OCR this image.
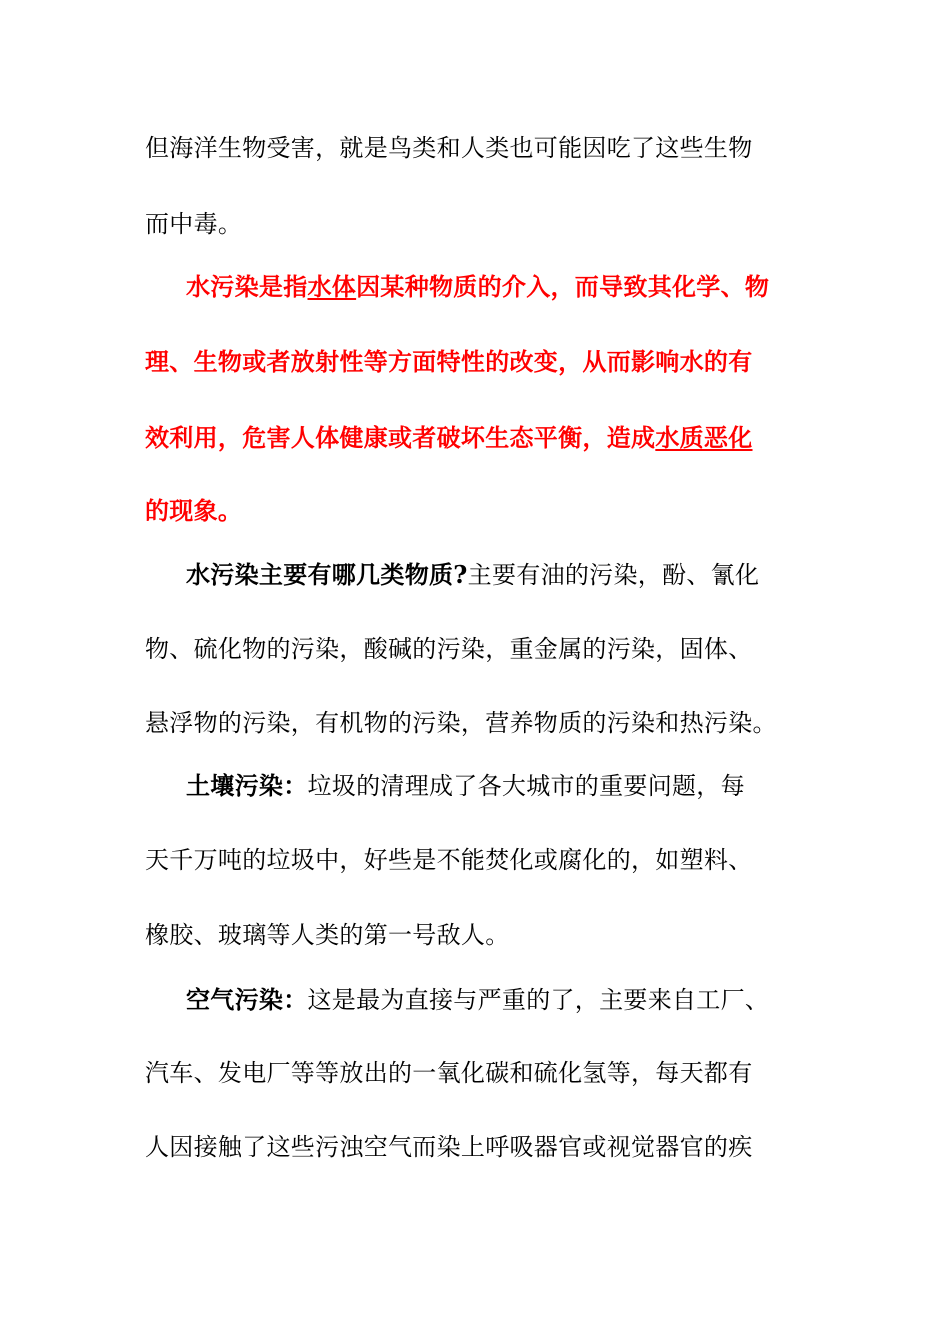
但海洋生物受害，就是鸟类和人类也可能因吃了这些生物
而中毒。
水污染是指水体因某种物质的介入，而导致其化学、物
理、生物或者放射性等方面特性的改变，从而影响水的有
效利用，危害人体健康或者破坏生态平衡，造成水质恶化
的现象。
水污染主要有哪几类物质?主要有油的污染，酚、氰化
物、硫化物的污染，酸碱的污染，重金属的污染，固体、
悬浮物的污染，有机物的污染，营养物质的污染和热污染。
土壤污染：垃圾的清理成了各大城市的重要问题，每
天千万吨的垃圾中，好些是不能焚化或腐化的，如塑料、
橡胶、玻璃等人类的第一号敌人。
空气污染：这是最为直接与严重的了，主要来自工厂、
汽车、发电厂等等放出的一氧化碳和硫化氢等，每天都有
人因接触了这些污浊空气而染上呼吸器官或视觉器官的疾
